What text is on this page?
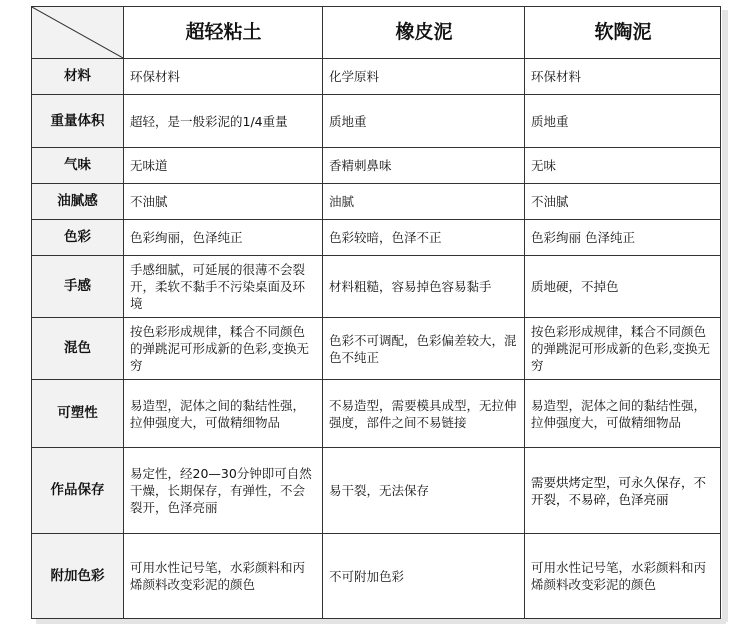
	超轻粘土	橡皮泥	软陶泥
材料	环保材料	化学原料	环保材料
重量体积	超轻，是一般彩泥的1/4重量	质地重	质地重
气味	无味道	香精刺鼻味	无味
油腻感	不油腻	油腻	不油腻
色彩	色彩绚丽，色泽纯正	色彩较暗，色泽不正	色彩绚丽 色泽纯正
手感	手感细腻，可延展的很薄不会裂开，柔软不黏手不污染桌面及环境	材料粗糙，容易掉色容易黏手	质地硬，不掉色
混色	按色彩形成规律，糅合不同颜色的弹跳泥可形成新的色彩,变换无穷	色彩不可调配，色彩偏差较大，混色不纯正	按色彩形成规律，糅合不同颜色的弹跳泥可形成新的色彩,变换无穷
可塑性	易造型，泥体之间的黏结性强，拉伸强度大，可做精细物品	不易造型，需要模具成型，无拉伸强度，部件之间不易链接	易造型，泥体之间的黏结性强，拉伸强度大，可做精细物品
作品保存	易定性，经20—30分钟即可自然干燥，长期保存，有弹性，不会裂开，色泽亮丽	易干裂，无法保存	需要烘烤定型，可永久保存，不开裂，不易碎，色泽亮丽
附加色彩	可用水性记号笔，水彩颜料和丙烯颜料改变彩泥的颜色	不可附加色彩	可用水性记号笔，水彩颜料和丙烯颜料改变彩泥的颜色
